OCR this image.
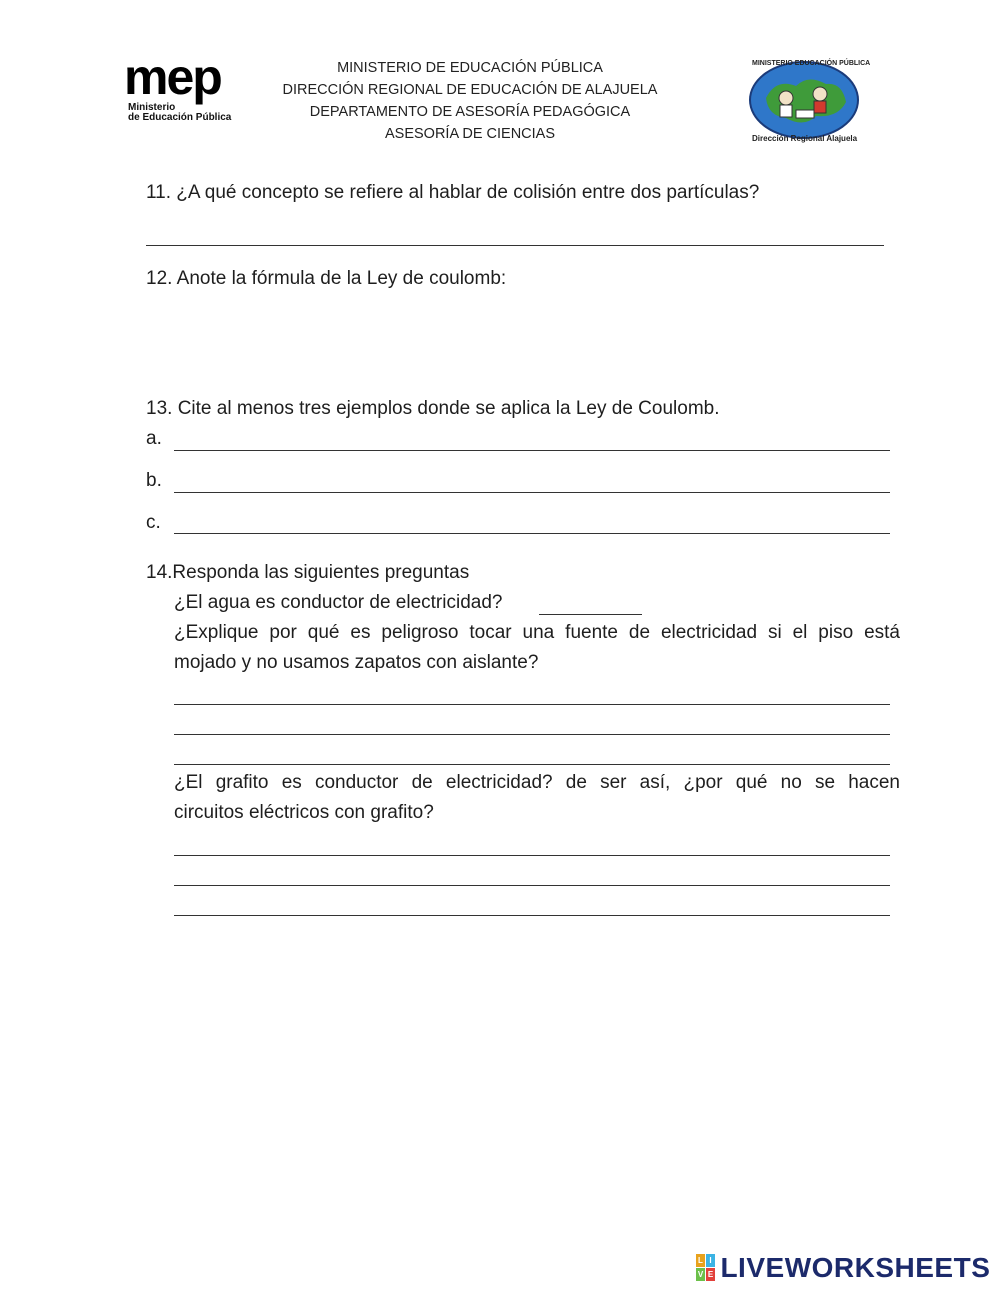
mep
Ministerio
de Educación Pública
MINISTERIO DE EDUCACIÓN PÚBLICA
DIRECCIÓN REGIONAL DE EDUCACIÓN DE ALAJUELA
DEPARTAMENTO DE ASESORÍA PEDAGÓGICA
ASESORÍA DE CIENCIAS
MINISTERIO EDUCACIÓN PÚBLICA
Dirección Regional Alajuela
11. ¿A qué concepto se refiere al hablar de colisión entre dos partículas?
12. Anote la fórmula de la Ley de coulomb:
13. Cite al menos tres ejemplos donde se aplica la Ley de Coulomb.
a.
b.
c.
14.Responda las siguientes preguntas
¿El agua es conductor de electricidad?
¿Explique por qué es peligroso tocar una fuente de electricidad si el piso está
mojado y no usamos zapatos con aislante?
¿El grafito es conductor de electricidad? de ser así, ¿por qué no se hacen
circuitos eléctricos con grafito?
L I
V E LIVEWORKSHEETS
